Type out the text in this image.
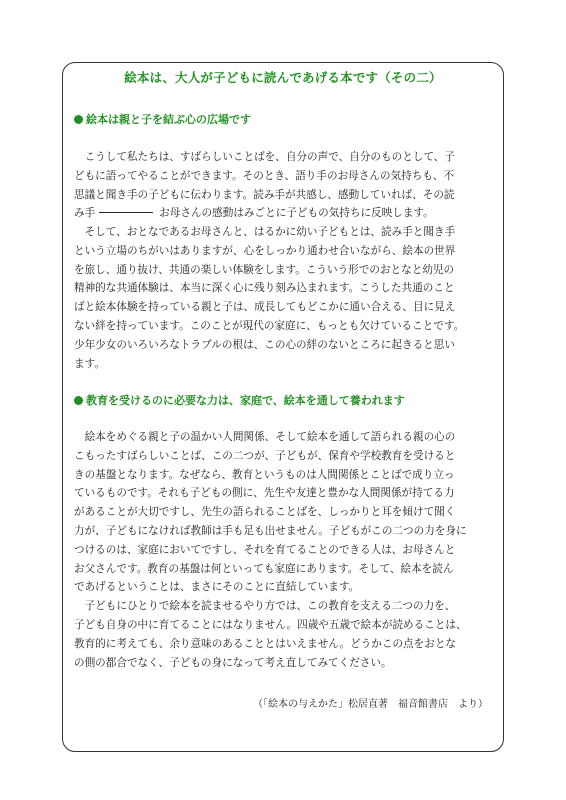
絵本は、大人が子どもに読んであげる本です（その二）
絵本は親と子を結ぶ心の広場です
　こうして私たちは、すばらしいことばを、自分の声で、自分のものとして、子
どもに語ってやることができます。そのとき、語り手のお母さんの気持ちも、不
思議と聞き手の子どもに伝わります。読み手が共感し、感動していれば、その読
み手	お母さんの感動はみごとに子どもの気持ちに反映します。
　そして、おとなであるお母さんと、はるかに幼い子どもとは、読み手と聞き手
という立場のちがいはありますが、心をしっかり通わせ合いながら、絵本の世界
を旅し、通り抜け、共通の楽しい体験をします。こういう形でのおとなと幼児の
精神的な共通体験は、本当に深く心に残り刻み込まれます。こうした共通のこと
ばと絵本体験を持っている親と子は、成長してもどこかに通い合える、目に見え
ない絆を持っています。このことが現代の家庭に、もっとも欠けていることです。
少年少女のいろいろなトラブルの根は、この心の絆のないところに起きると思い
ます。
教育を受けるのに必要な力は、家庭で、絵本を通して養われます
　絵本をめぐる親と子の温かい人間関係、そして絵本を通して語られる親の心の
こもったすばらしいことば、この二つが、子どもが、保育や学校教育を受けると
きの基盤となります。なぜなら、教育というものは人間関係とことばで成り立っ
ているものです。それも子どもの側に、先生や友達と豊かな人間関係が持てる力
があることが大切ですし、先生の語られることばを、しっかりと耳を傾けて聞く
力が、子どもになければ教師は手も足も出せません。子どもがこの二つの力を身に
つけるのは、家庭においてですし、それを育てることのできる人は、お母さんと
お父さんです。教育の基盤は何といっても家庭にあります。そして、絵本を読ん
であげるということは、まさにそのことに直結しています。
　子どもにひとりで絵本を読ませるやり方では、この教育を支える二つの力を、
子ども自身の中に育てることにはなりません。四歳や五歳で絵本が読めることは、
教育的に考えても、余り意味のあることとはいえません。どうかこの点をおとな
の側の都合でなく、子どもの身になって考え直してみてください。
（「絵本の与えかた」松居直著　福音館書店　より）
